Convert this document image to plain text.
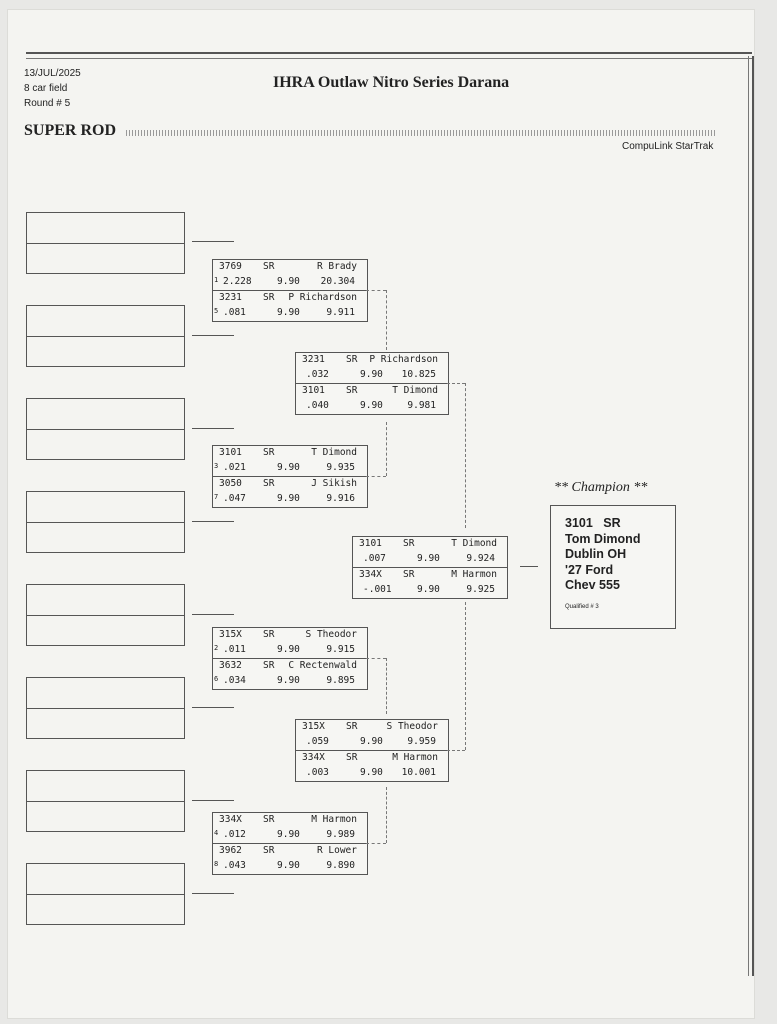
13/JUL/2025
8 car field
Round # 5
IHRA Outlaw Nitro Series Darana
SUPER ROD
CompuLink StarTrak
3769 SR	R Brady
1 2.228	9.90 20.304
3231 SR P Richardson
5 .081	9.90	9.911
3101 SR	T Dimond
3 .021	9.90	9.935
3050 SR	J Sikish
7 .047	9.90	9.916
315X SR	S Theodor
2 .011	9.90	9.915
3632 SR C Rectenwald
6 .034	9.90	9.895
334X SR	M Harmon
4 .012	9.90	9.989
3962 SR	R Lower
8 .043	9.90	9.890
3231 SR P Richardson
.032	9.90 10.825
3101 SR	T Dimond
.040	9.90	9.981
315X SR	S Theodor
.059	9.90	9.959
334X SR	M Harmon
.003	9.90 10.001
3101 SR	T Dimond
.007	9.90	9.924
334X SR	M Harmon
-.001	9.90	9.925
** Champion **
3101 SR
Tom Dimond
Dublin OH
'27 Ford
Chev 555
Qualified # 3
